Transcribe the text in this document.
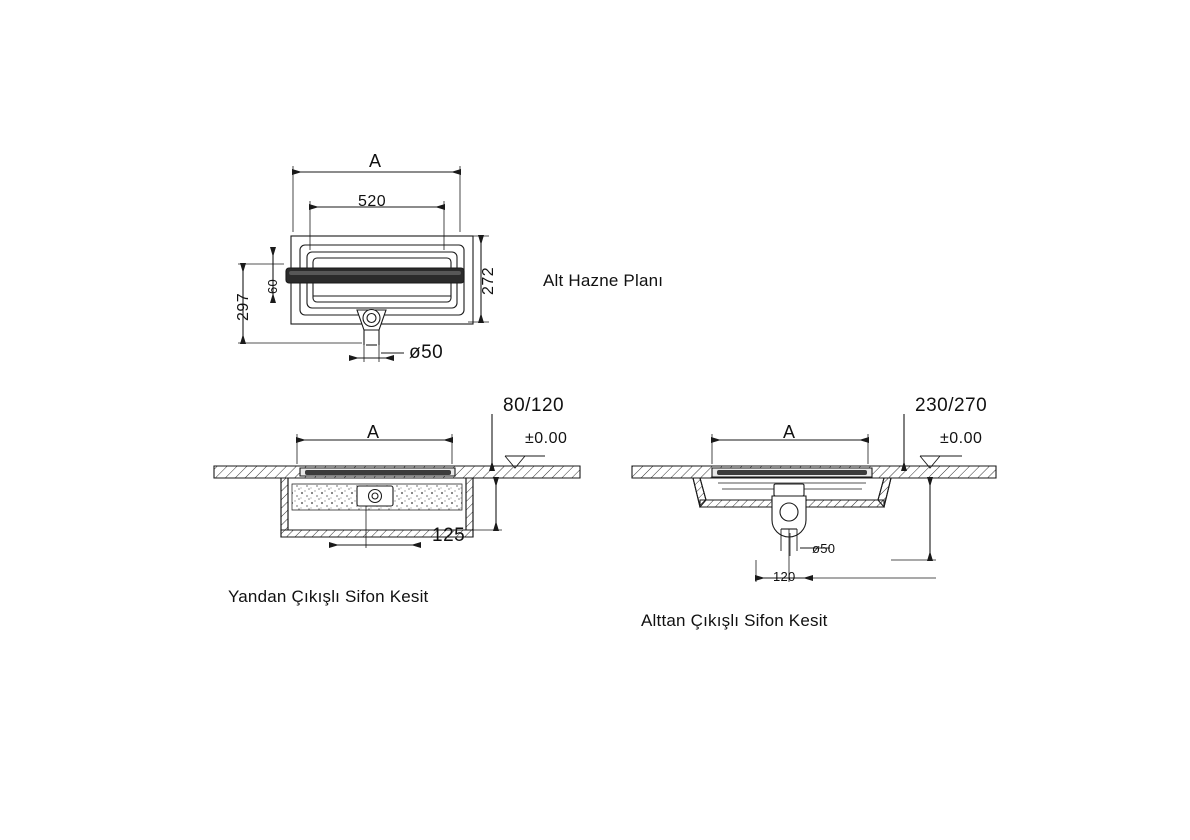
A
520
272
297
60
ø50
Alt Hazne Planı
A
80/120
±0.00
125
Yandan Çıkışlı Sifon Kesit
A
230/270
±0.00
ø50
120
Alttan Çıkışlı Sifon Kesit
